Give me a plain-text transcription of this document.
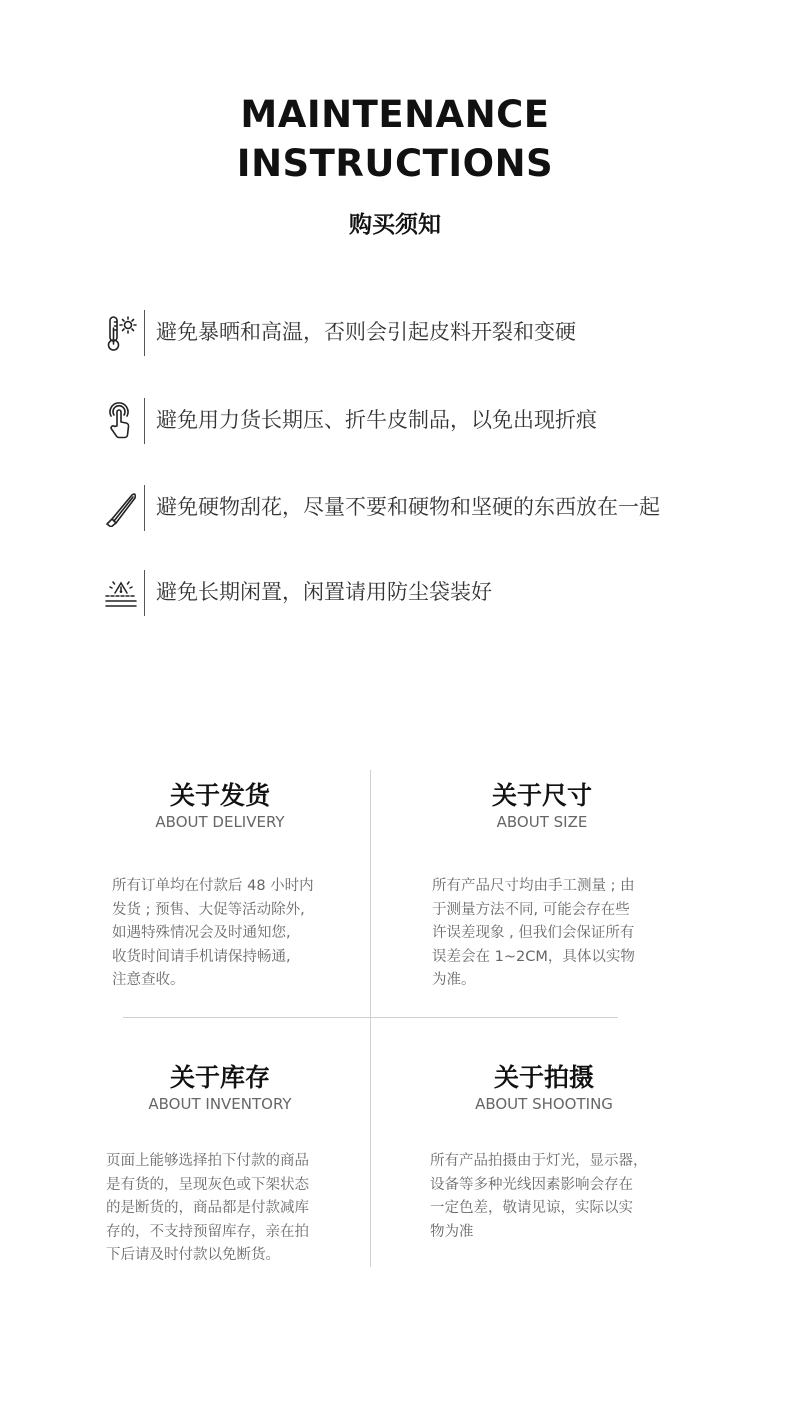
MAINTENANCE
INSTRUCTIONS
购买须知
避免暴晒和高温，否则会引起皮料开裂和变硬
避免用力货长期压、折牛皮制品，以免出现折痕
避免硬物刮花，尽量不要和硬物和坚硬的东西放在一起
避免长期闲置，闲置请用防尘袋装好
关于发货
ABOUT DELIVERY
所有订单均在付款后 48 小时内
发货 ; 预售、大促等活动除外,
如遇特殊情况会及时通知您,
收货时间请手机请保持畅通,
注意查收。
关于尺寸
ABOUT SIZE
所有产品尺寸均由手工测量 ; 由
于测量方法不同, 可能会存在些
许误差现象 , 但我们会保证所有
误差会在 1~2CM，具体以实物
为准。
关于库存
ABOUT INVENTORY
页面上能够选择拍下付款的商品
是有货的，呈现灰色或下架状态
的是断货的，商品都是付款减库
存的，不支持预留库存，亲在拍
下后请及时付款以免断货。
关于拍摄
ABOUT SHOOTING
所有产品拍摄由于灯光，显示器，
设备等多种光线因素影响会存在
一定色差，敬请见谅，实际以实
物为准
